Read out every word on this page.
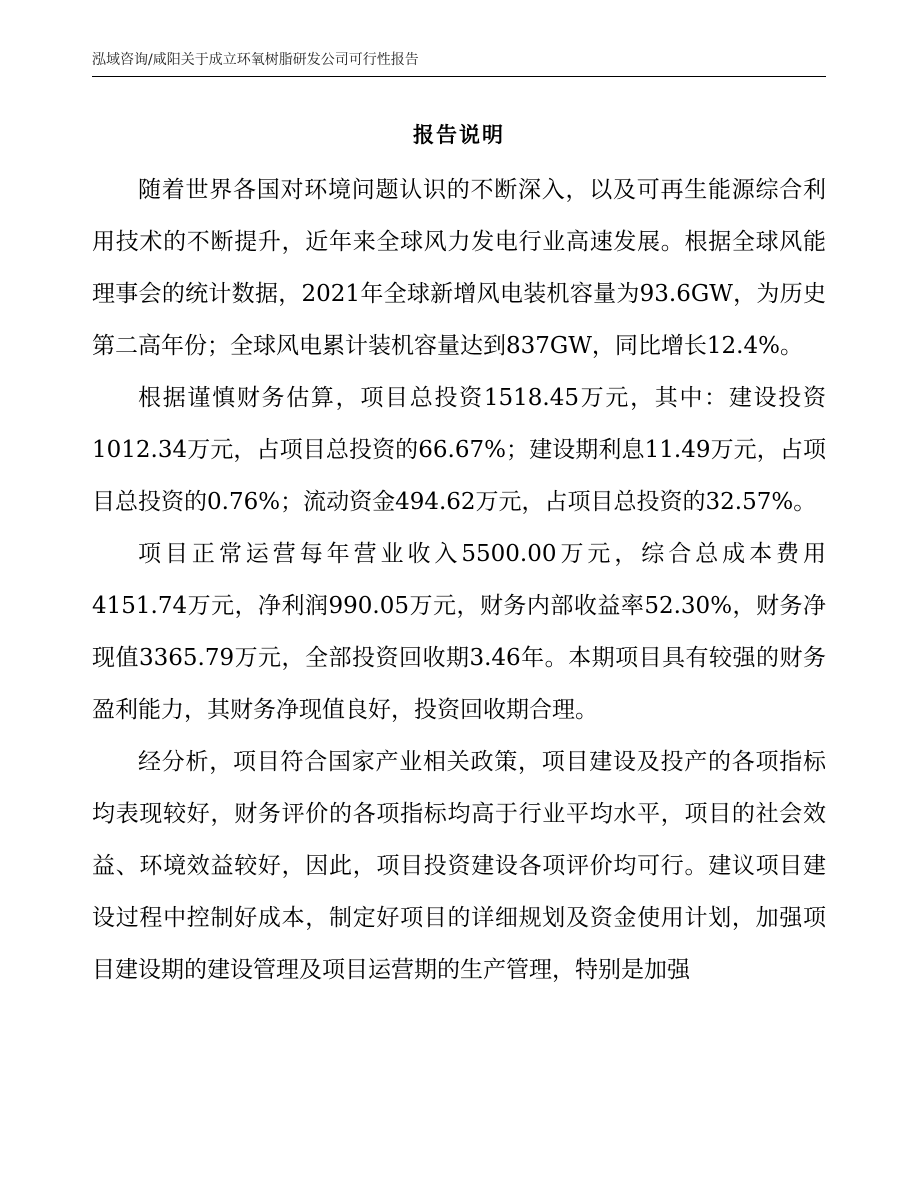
泓域咨询/咸阳关于成立环氧树脂研发公司可行性报告
报告说明

随着世界各国对环境问题认识的不断深入，以及可再生能源综合利用技术的不断提升，近年来全球风力发电行业高速发展。根据全球风能理事会的统计数据，2021年全球新增风电装机容量为93.6GW，为历史第二高年份；全球风电累计装机容量达到837GW，同比增长12.4%。

根据谨慎财务估算，项目总投资1518.45万元，其中：建设投资1012.34万元，占项目总投资的66.67%；建设期利息11.49万元，占项目总投资的0.76%；流动资金494.62万元，占项目总投资的32.57%。

项目正常运营每年营业收入5500.00万元，综合总成本费用4151.74万元，净利润990.05万元，财务内部收益率52.30%，财务净现值3365.79万元，全部投资回收期3.46年。本期项目具有较强的财务盈利能力，其财务净现值良好，投资回收期合理。

经分析，项目符合国家产业相关政策，项目建设及投产的各项指标均表现较好，财务评价的各项指标均高于行业平均水平，项目的社会效益、环境效益较好，因此，项目投资建设各项评价均可行。建议项目建设过程中控制好成本，制定好项目的详细规划及资金使用计划，加强项目建设期的建设管理及项目运营期的生产管理，特别是加强
